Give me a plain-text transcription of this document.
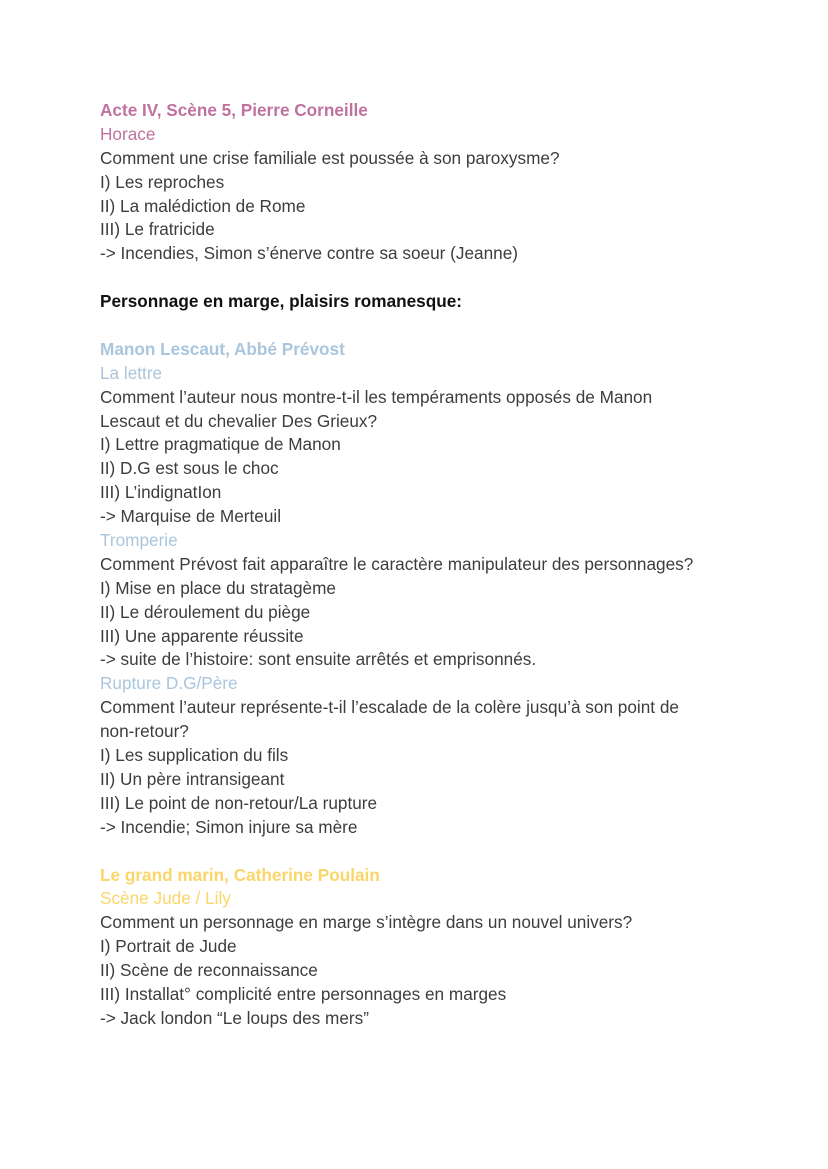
Acte IV, Scène 5, Pierre Corneille
Horace
Comment une crise familiale est poussée à son paroxysme?
I) Les reproches
II) La malédiction de Rome
III) Le fratricide
-> Incendies, Simon s’énerve contre sa soeur (Jeanne)
Personnage en marge, plaisirs romanesque:
Manon Lescaut, Abbé Prévost
La lettre
Comment l’auteur nous montre-t-il les tempéraments opposés de Manon
Lescaut et du chevalier Des Grieux?
I) Lettre pragmatique de Manon
II) D.G est sous le choc
III) L’indignatIon
-> Marquise de Merteuil
Tromperie
Comment Prévost fait apparaître le caractère manipulateur des personnages?
I) Mise en place du stratagème
II) Le déroulement du piège
III) Une apparente réussite
-> suite de l’histoire: sont ensuite arrêtés et emprisonnés.
Rupture D.G/Père
Comment l’auteur représente-t-il l’escalade de la colère jusqu’à son point de
non-retour?
I) Les supplication du fils
II) Un père intransigeant
III) Le point de non-retour/La rupture
-> Incendie; Simon injure sa mère
Le grand marin, Catherine Poulain
Scène Jude / Lily
Comment un personnage en marge s’intègre dans un nouvel univers?
I) Portrait de Jude
II) Scène de reconnaissance
III) Installat° complicité entre personnages en marges
-> Jack london “Le loups des mers”
